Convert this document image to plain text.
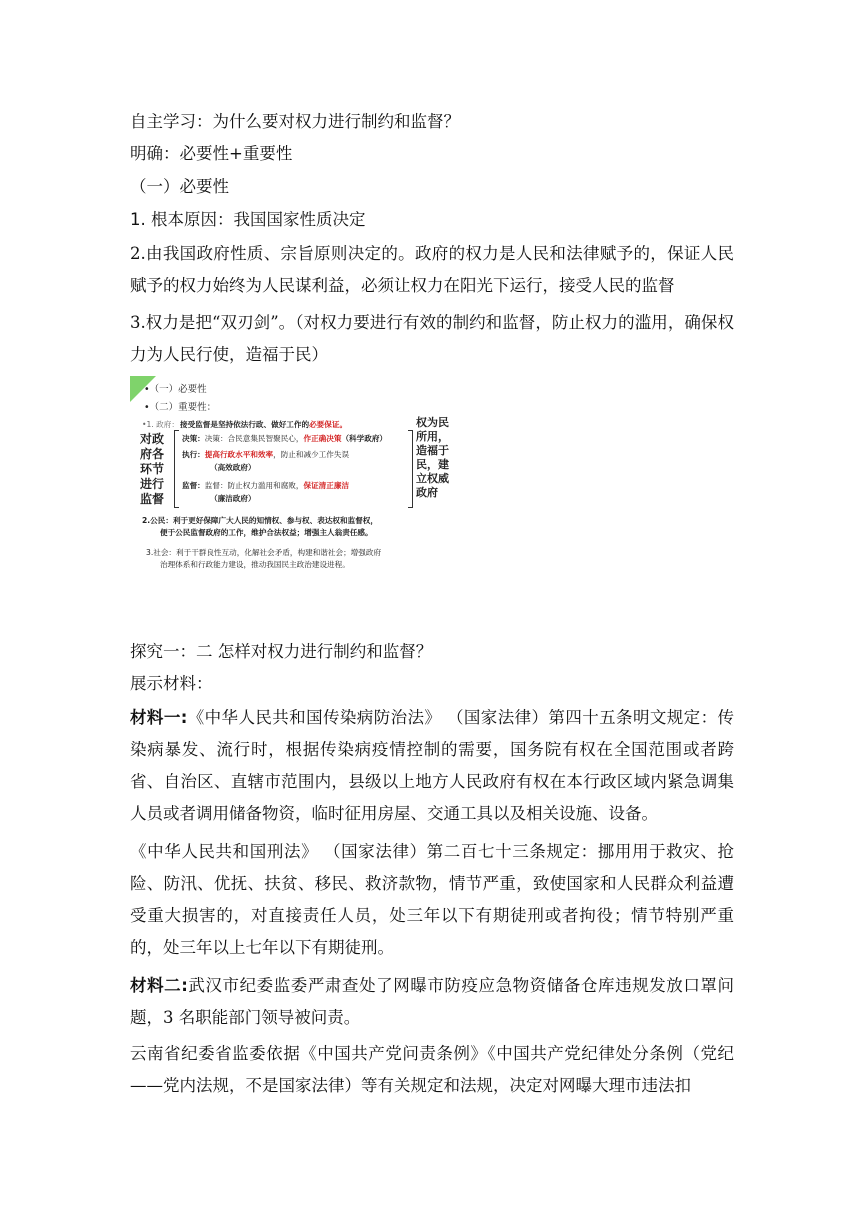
自主学习：为什么要对权力进行制约和监督？

明确：必要性+重要性

（一）必要性

1. 根本原因：我国国家性质决定

2.由我国政府性质、宗旨原则决定的。政府的权力是人民和法律赋予的，保证人民赋予的权力始终为人民谋利益，必须让权力在阳光下运行，接受人民的监督

3.权力是把“双刃剑”。（对权力要进行有效的制约和监督，防止权力的滥用，确保权力为人民行使，造福于民）

•（一）必要性
•（二）重要性：
•1. 政府： 接受监督是坚持依法行政、做好工作的必要保证。
对政
府各
环节
进行
监督
决策：决策：合民意集民智聚民心，作正确决策（科学政府）
执行：提高行政水平和效率，防止和减少工作失误
（高效政府）
监督：监督：防止权力滥用和腐败，保证清正廉洁
（廉洁政府）
权为民
所用，
造福于
民，建
立权威
政府
2.公民：利于更好保障广大人民的知情权、参与权、表达权和监督权，
便于公民监督政府的工作，维护合法权益；增强主人翁责任感。
3.社会：利于干群良性互动，化解社会矛盾，构建和谐社会；增强政府
治理体系和行政能力建设，推动我国民主政治建设进程。

探究一：二 怎样对权力进行制约和监督？

展示材料：

材料一:《中华人民共和国传染病防治法》 （国家法律）第四十五条明文规定：传染病暴发、流行时，根据传染病疫情控制的需要，国务院有权在全国范围或者跨省、自治区、直辖市范围内，县级以上地方人民政府有权在本行政区域内紧急调集人员或者调用储备物资，临时征用房屋、交通工具以及相关设施、设备。

《中华人民共和国刑法》 （国家法律）第二百七十三条规定：挪用用于救灾、抢险、防汛、优抚、扶贫、移民、救济款物，情节严重，致使国家和人民群众利益遭受重大损害的，对直接责任人员，处三年以下有期徒刑或者拘役；情节特别严重的，处三年以上七年以下有期徒刑。

材料二:武汉市纪委监委严肃查处了网曝市防疫应急物资储备仓库违规发放口罩问题，3 名职能部门领导被问责。

云南省纪委省监委依据《中国共产党问责条例》《中国共产党纪律处分条例（党纪——党内法规，不是国家法律）等有关规定和法规，决定对网曝大理市违法扣
